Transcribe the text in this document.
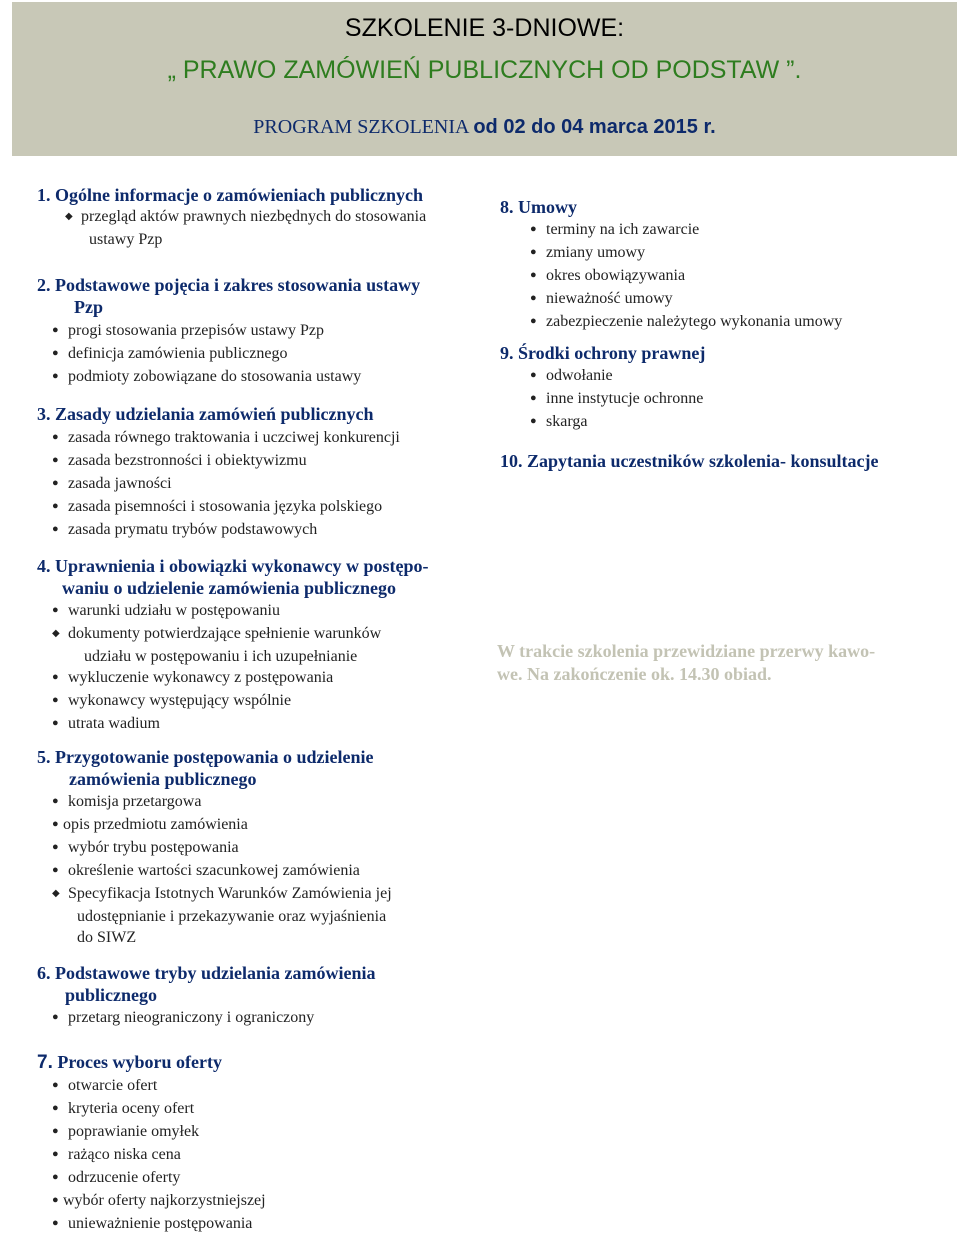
SZKOLENIE 3-DNIOWE:
„ PRAWO ZAMÓWIEŃ PUBLICZNYCH OD PODSTAW ”.
PROGRAM SZKOLENIA od 02 do 04 marca 2015 r.
1. Ogólne informacje o zamówieniach publicznych
◆przegląd aktów prawnych niezbędnych do stosowania
ustawy Pzp
2. Podstawowe pojęcia i zakres stosowania ustawy
Pzp
●progi stosowania przepisów ustawy Pzp
●definicja zamówienia publicznego
●podmioty zobowiązane do stosowania ustawy
3. Zasady udzielania zamówień publicznych
●zasada równego traktowania i uczciwej konkurencji
●zasada bezstronności i obiektywizmu
●zasada jawności
●zasada pisemności i stosowania języka polskiego
●zasada prymatu trybów podstawowych
4. Uprawnienia i obowiązki wykonawcy w postępo-
waniu o udzielenie zamówienia publicznego
●warunki udziału w postępowaniu
◆dokumenty potwierdzające spełnienie warunków
udziału w postępowaniu i ich uzupełnianie
●wykluczenie wykonawcy z postępowania
●wykonawcy występujący wspólnie
●utrata wadium
5. Przygotowanie postępowania o udzielenie
zamówienia publicznego
●komisja przetargowa
●opis przedmiotu zamówienia
●wybór trybu postępowania
●określenie wartości szacunkowej zamówienia
◆Specyfikacja Istotnych Warunków Zamówienia jej
udostępnianie i przekazywanie oraz wyjaśnienia
do SIWZ
6. Podstawowe tryby udzielania zamówienia
publicznego
●przetarg nieograniczony i ograniczony
7. Proces wyboru oferty
●otwarcie ofert
●kryteria oceny ofert
●poprawianie omyłek
●rażąco niska cena
●odrzucenie oferty
●wybór oferty najkorzystniejszej
●unieważnienie postępowania
8. Umowy
●terminy na ich zawarcie
●zmiany umowy
●okres obowiązywania
●nieważność umowy
●zabezpieczenie należytego wykonania umowy
9. Środki ochrony prawnej
●odwołanie
●inne instytucje ochronne
●skarga
10. Zapytania uczestników szkolenia- konsultacje
W trakcie szkolenia przewidziane przerwy kawo-
we. Na zakończenie ok. 14.30 obiad.
